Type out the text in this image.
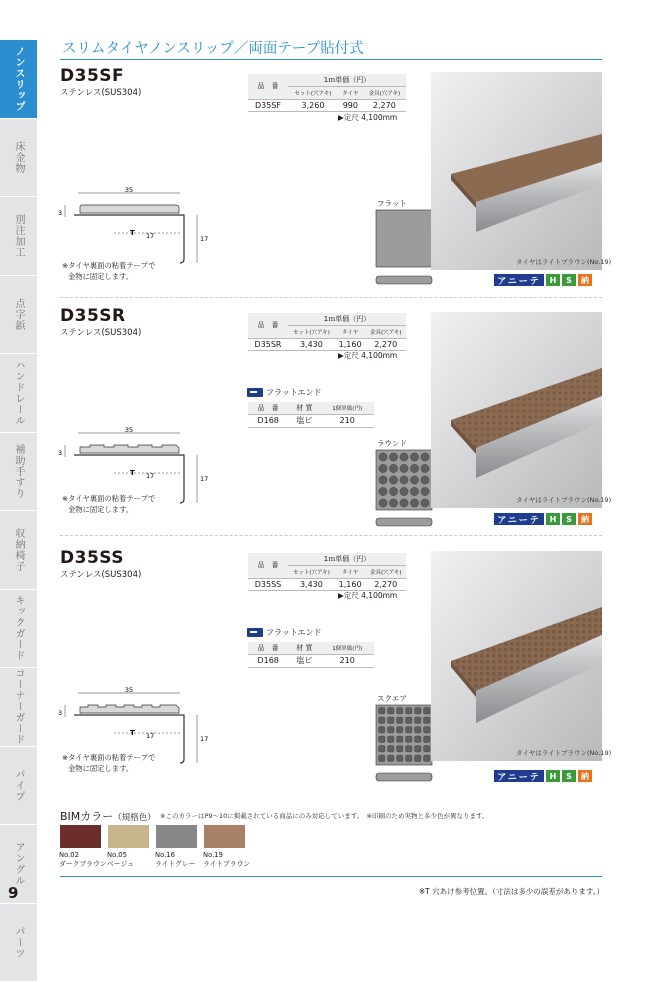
ノンスリップ
床金物
別注加工
点字鋲
ハンドレール
補助手すり
収納椅子
キックガード
コーナーガード
パイプ
アングル
パーツ
9
スリムタイヤノンスリップ／両面テープ貼付式
D35SF
ステンレス(SUS304)
品　番	1ｍ単価（円）		
	セット(穴アキ)	タイヤ	金具(穴アキ)
D35SF	3,260	990	2,270
▶定尺 4,100mm
35
3
T 17	17
※タイヤ裏面の粘着テープで
金物に固定します。
フラット
タイヤはライトブラウン(No.19)
アニーテ	H	S	納
D35SR
ステンレス(SUS304)
品　番	1ｍ単価（円）		
	セット(穴アキ)	タイヤ	金具(穴アキ)
D35SR	3,430	1,160	2,270
▶定尺 4,100mm
フラットエンド
品　番	材 質	1個単価(円)
D168	塩ビ	210
35
3
T 17	17
※タイヤ裏面の粘着テープで
金物に固定します。
ラウンド
タイヤはライトブラウン(No.19)
アニーテ	H	S	納
D35SS
ステンレス(SUS304)
品　番	1ｍ単価（円）		
	セット(穴アキ)	タイヤ	金具(穴アキ)
D35SS	3,430	1,160	2,270
▶定尺 4,100mm
フラットエンド
品　番	材 質	1個単価(円)
D168	塩ビ	210
35
3
T 17	17
※タイヤ裏面の粘着テープで
金物に固定します。
スクエア
タイヤはライトブラウン(No.19)
アニーテ	H	S	納
BIMカラー（規格色） ※このカラーはP9〜10に掲載されている商品にのみ対応しています。　※印刷のため実物と多少色が異なります。
No.02
ダークブラウン
No.05
ベージュ
No.16
ライトグレー
No.19
ライトブラウン
※T 穴あけ参考位置。（寸法は多少の誤差があります。）
